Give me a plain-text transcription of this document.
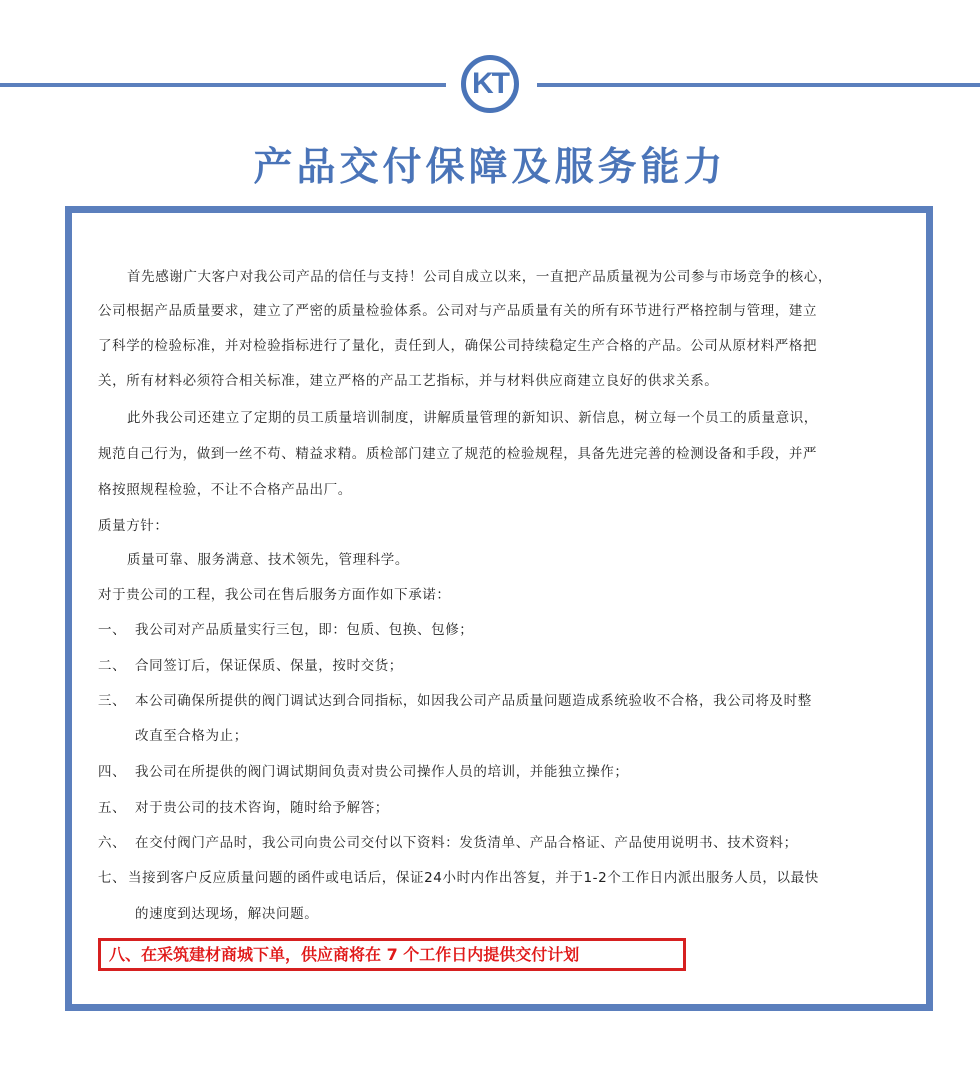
KT
产品交付保障及服务能力
首先感谢广大客户对我公司产品的信任与支持！公司自成立以来，一直把产品质量视为公司参与市场竞争的核心，
公司根据产品质量要求，建立了严密的质量检验体系。公司对与产品质量有关的所有环节进行严格控制与管理，建立
了科学的检验标准，并对检验指标进行了量化，责任到人，确保公司持续稳定生产合格的产品。公司从原材料严格把
关，所有材料必须符合相关标准，建立严格的产品工艺指标，并与材料供应商建立良好的供求关系。
此外我公司还建立了定期的员工质量培训制度，讲解质量管理的新知识、新信息，树立每一个员工的质量意识，
规范自己行为，做到一丝不苟、精益求精。质检部门建立了规范的检验规程，具备先进完善的检测设备和手段，并严
格按照规程检验，不让不合格产品出厂。
质量方针：
质量可靠、服务满意、技术领先，管理科学。
对于贵公司的工程，我公司在售后服务方面作如下承诺：
一、 我公司对产品质量实行三包，即：包质、包换、包修；
二、 合同签订后，保证保质、保量，按时交货；
三、 本公司确保所提供的阀门调试达到合同指标，如因我公司产品质量问题造成系统验收不合格，我公司将及时整
改直至合格为止；
四、 我公司在所提供的阀门调试期间负责对贵公司操作人员的培训，并能独立操作；
五、 对于贵公司的技术咨询，随时给予解答；
六、 在交付阀门产品时，我公司向贵公司交付以下资料：发货清单、产品合格证、产品使用说明书、技术资料；
七、 当接到客户反应质量问题的函件或电话后，保证24小时内作出答复，并于1-2个工作日内派出服务人员，以最快
的速度到达现场，解决问题。
八、在采筑建材商城下单，供应商将在 7 个工作日内提供交付计划
